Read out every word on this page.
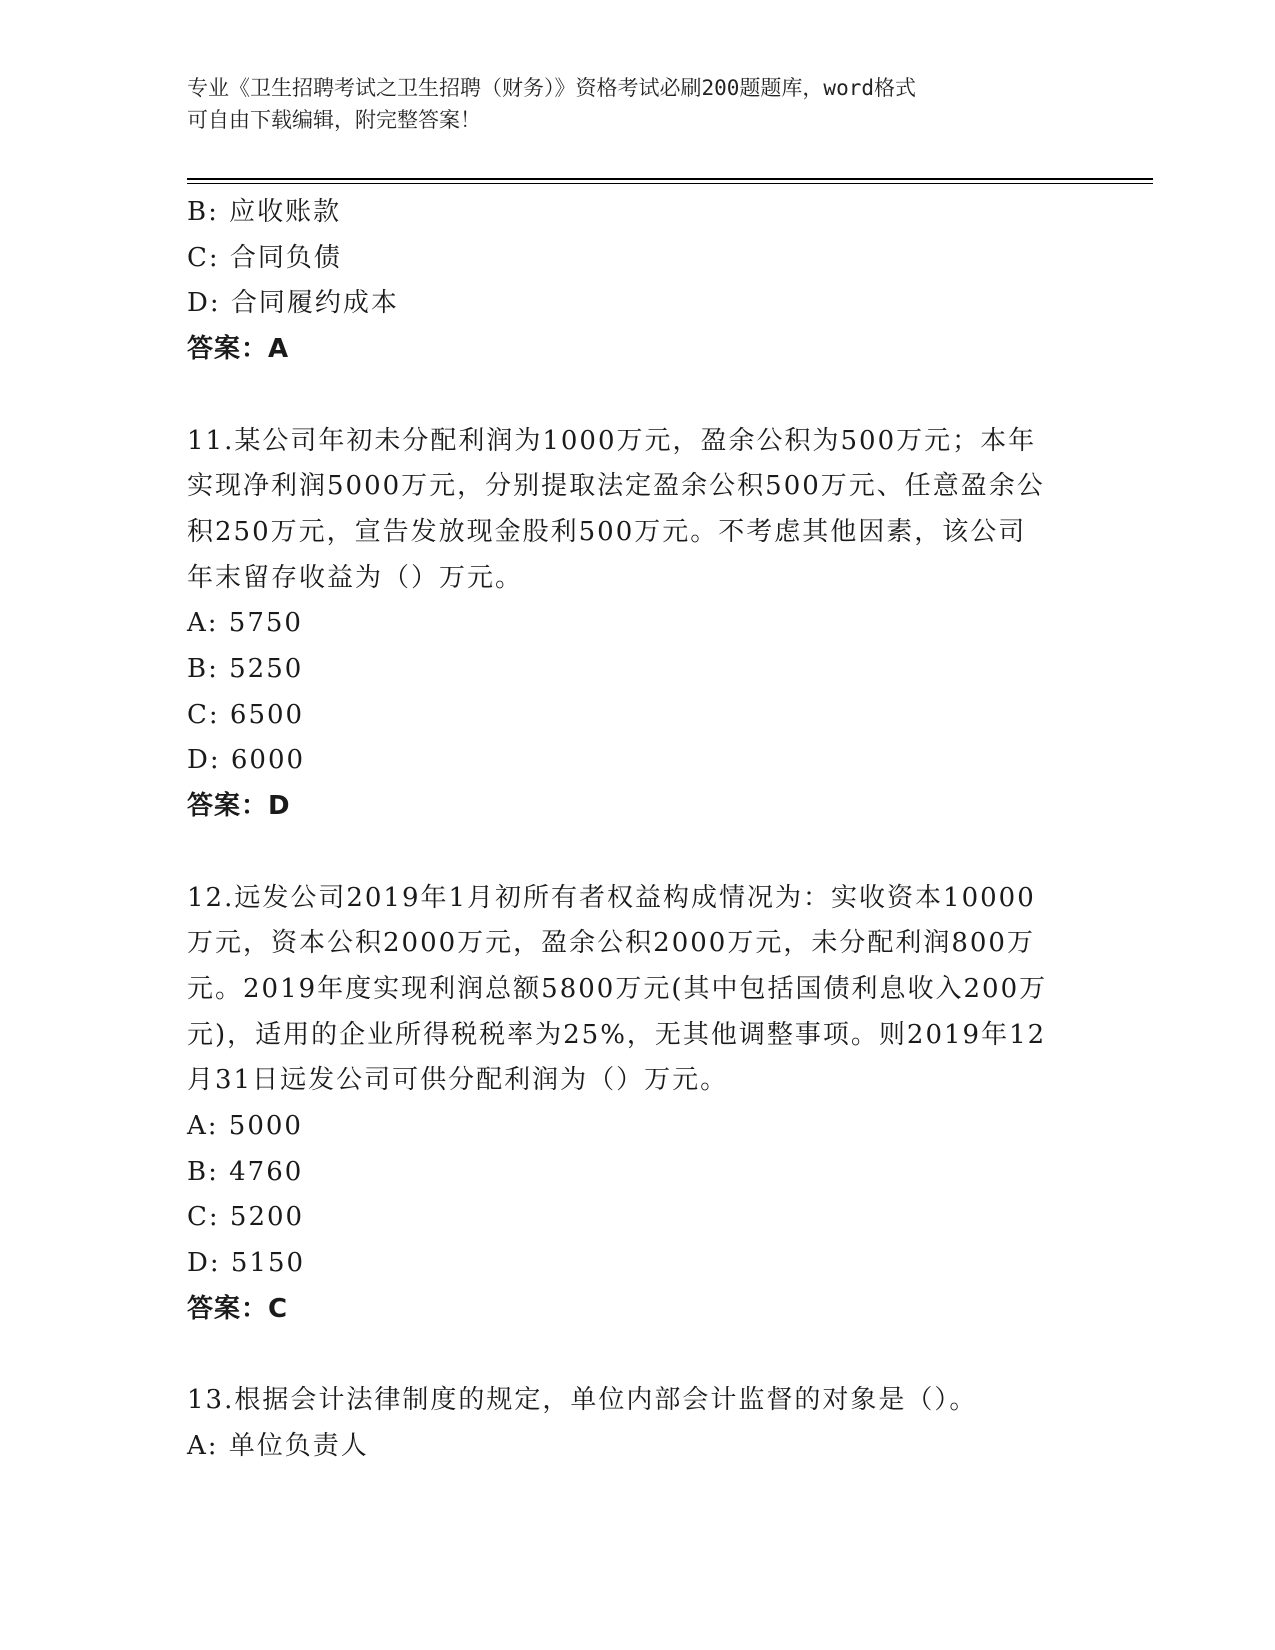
专业《卫生招聘考试之卫生招聘（财务）》资格考试必刷200题题库，word格式
可自由下载编辑，附完整答案！
B: 应收账款
C: 合同负债
D: 合同履约成本
答案：A
11.某公司年初未分配利润为1000万元，盈余公积为500万元；本年
实现净利润5000万元，分别提取法定盈余公积500万元、任意盈余公
积250万元，宣告发放现金股利500万元。不考虑其他因素，该公司
年末留存收益为（）万元。
A: 5750
B: 5250
C: 6500
D: 6000
答案：D
12.远发公司2019年1月初所有者权益构成情况为：实收资本10000
万元，资本公积2000万元，盈余公积2000万元，未分配利润800万
元。2019年度实现利润总额5800万元(其中包括国债利息收入200万
元)，适用的企业所得税税率为25%，无其他调整事项。则2019年12
月31日远发公司可供分配利润为（）万元。
A: 5000
B: 4760
C: 5200
D: 5150
答案：C
13.根据会计法律制度的规定，单位内部会计监督的对象是（）。
A: 单位负责人
